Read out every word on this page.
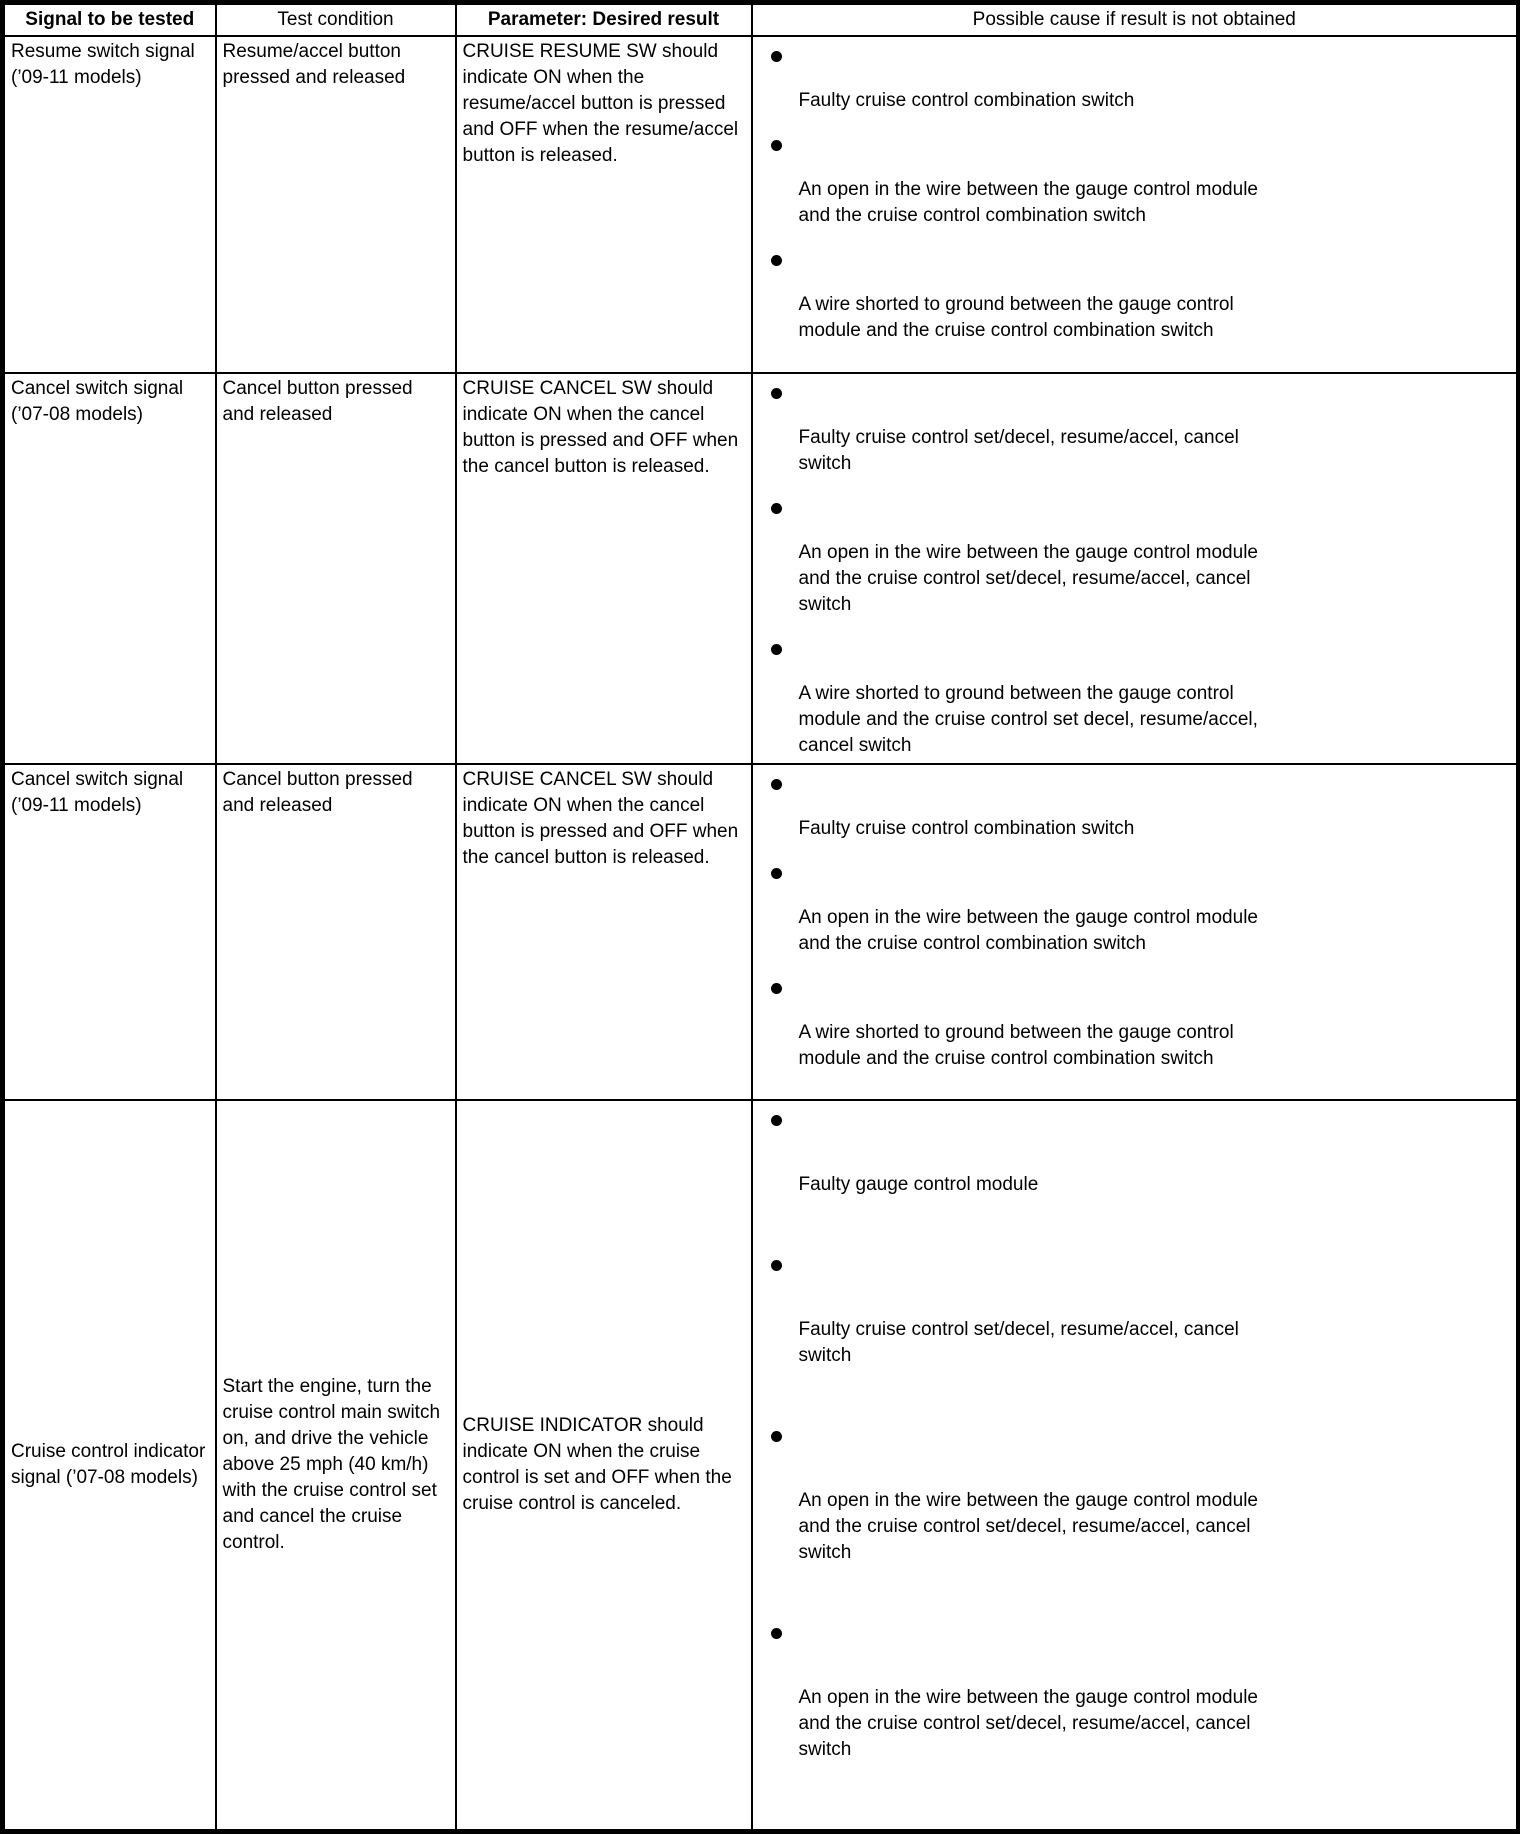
Signal to be tested	Test condition	Parameter: Desired result	Possible cause if result is not obtained
Resume switch signal (’09-11 models)	Resume/accel button pressed and released	CRUISE RESUME SW should indicate ON when the resume/accel button is pressed and OFF when the resume/accel button is released.	Faulty cruise control combination switch
An open in the wire between the gauge control module and the cruise control combination switch
A wire shorted to ground between the gauge control module and the cruise control combination switch

Cancel switch signal (’07-08 models)	Cancel button pressed and released	CRUISE CANCEL SW should indicate ON when the cancel button is pressed and OFF when the cancel button is released.	Faulty cruise control set/decel, resume/accel, cancel switch
An open in the wire between the gauge control module and the cruise control set/decel, resume/accel, cancel switch
A wire shorted to ground between the gauge control module and the cruise control set decel, resume/accel, cancel switch

Cancel switch signal (’09-11 models)	Cancel button pressed and released	CRUISE CANCEL SW should indicate ON when the cancel button is pressed and OFF when the cancel button is released.	Faulty cruise control combination switch
An open in the wire between the gauge control module and the cruise control combination switch
A wire shorted to ground between the gauge control module and the cruise control combination switch

Cruise control indicator signal (’07-08 models)	Start the engine, turn the cruise control main switch on, and drive the vehicle above 25 mph (40 km/h) with the cruise control set and cancel the cruise control.	CRUISE INDICATOR should indicate ON when the cruise control is set and OFF when the cruise control is canceled.	Faulty gauge control module
Faulty cruise control set/decel, resume/accel, cancel switch
An open in the wire between the gauge control module and the cruise control set/decel, resume/accel, cancel switch
An open in the wire between the gauge control module and the cruise control set/decel, resume/accel, cancel switch
